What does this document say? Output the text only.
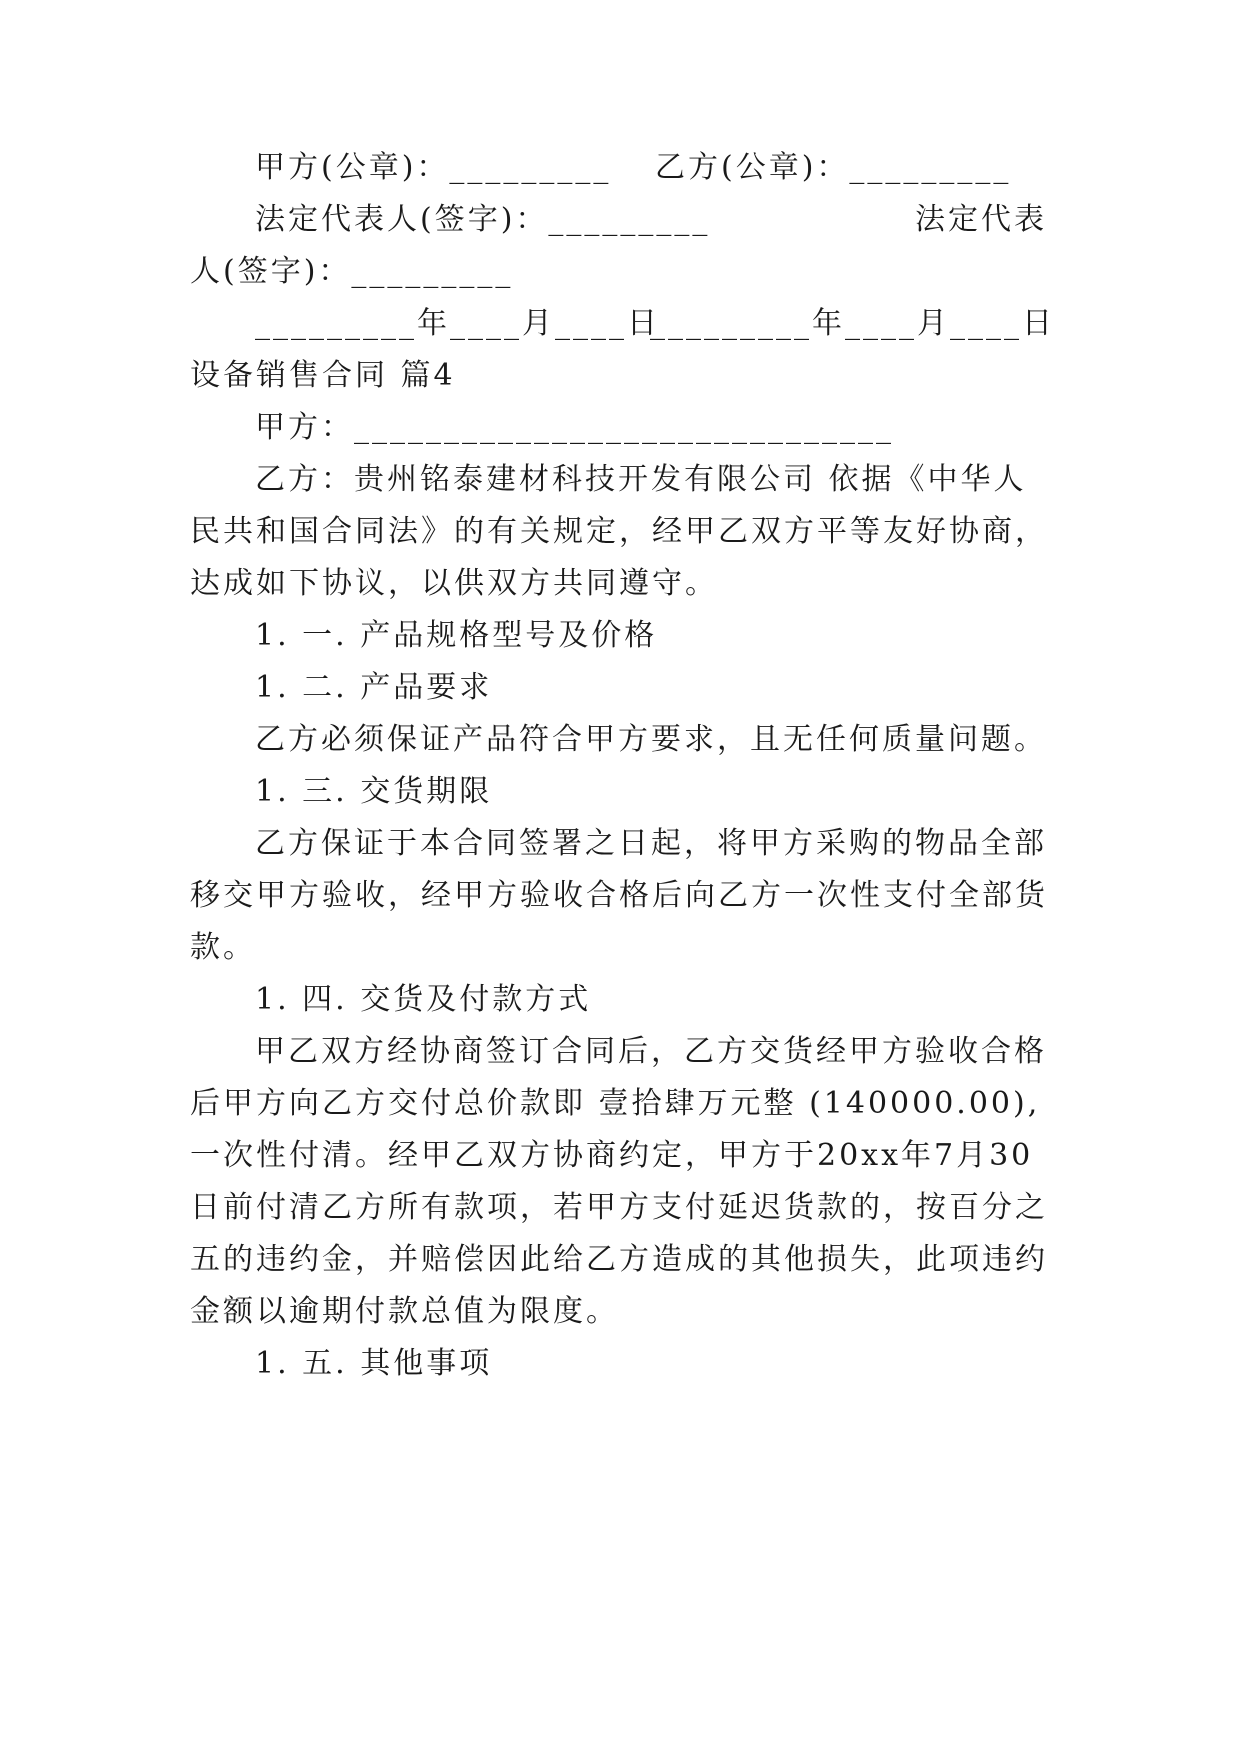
甲方(公章)：_________	乙方(公章)：_________
法定代表人(签字)：_________	法定代表
人(签字)：_________
_________年____月____日
_________年____月____日
设备销售合同 篇4
甲方：______________________________
乙方：贵州铭泰建材科技开发有限公司 依据《中华人
民共和国合同法》的有关规定，经甲乙双方平等友好协商，
达成如下协议，以供双方共同遵守。
1. 一. 产品规格型号及价格
1. 二. 产品要求
乙方必须保证产品符合甲方要求，且无任何质量问题。
1. 三. 交货期限
乙方保证于本合同签署之日起，将甲方采购的物品全部
移交甲方验收，经甲方验收合格后向乙方一次性支付全部货
款。
1. 四. 交货及付款方式
甲乙双方经协商签订合同后，乙方交货经甲方验收合格
后甲方向乙方交付总价款即 壹拾肆万元整 (140000.00),
一次性付清。经甲乙双方协商约定，甲方于20xx年7月30
日前付清乙方所有款项，若甲方支付延迟货款的，按百分之
五的违约金，并赔偿因此给乙方造成的其他损失，此项违约
金额以逾期付款总值为限度。
1. 五. 其他事项
